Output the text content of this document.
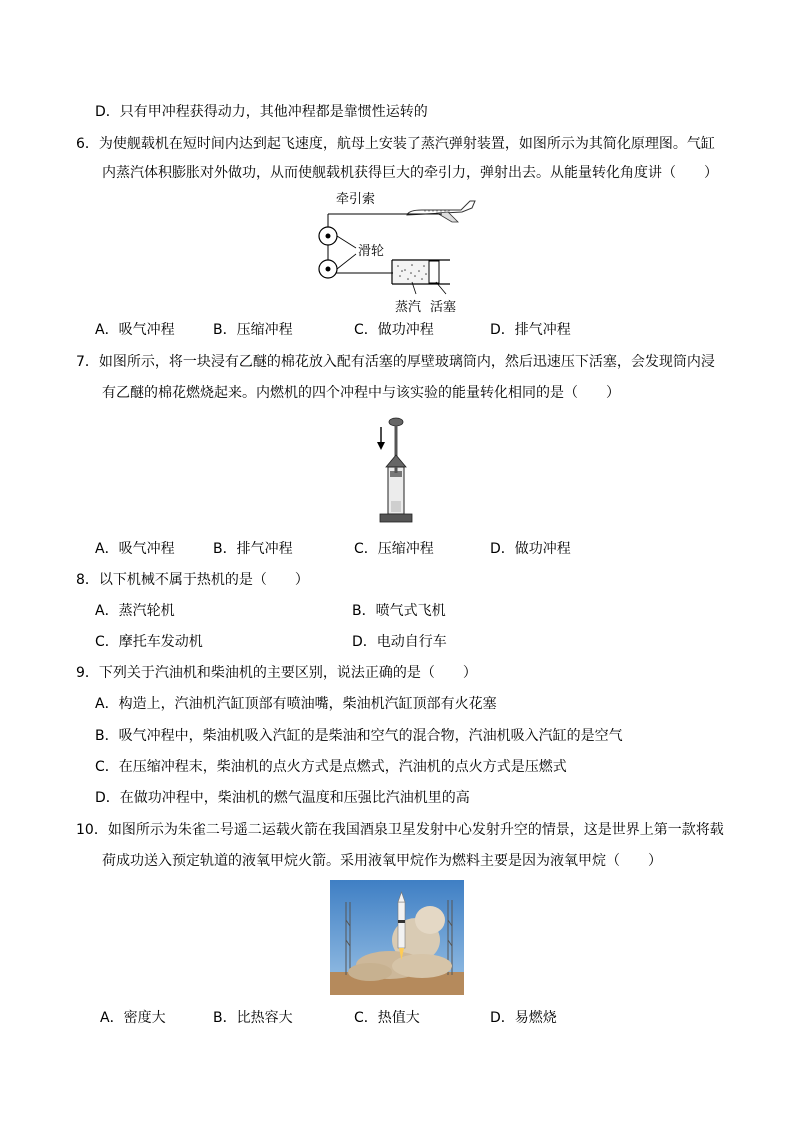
D．只有甲冲程获得动力，其他冲程都是靠惯性运转的
6．为使舰载机在短时间内达到起飞速度，航母上安装了蒸汽弹射装置，如图所示为其简化原理图。气缸
内蒸汽体积膨胀对外做功，从而使舰载机获得巨大的牵引力，弹射出去。从能量转化角度讲（　　）
牵引索
滑轮
蒸汽 活塞
A．吸气冲程	B．压缩冲程	C．做功冲程	D．排气冲程
7．如图所示，将一块浸有乙醚的棉花放入配有活塞的厚壁玻璃筒内，然后迅速压下活塞，会发现筒内浸
有乙醚的棉花燃烧起来。内燃机的四个冲程中与该实验的能量转化相同的是（　　）
A．吸气冲程	B．排气冲程	C．压缩冲程	D．做功冲程
8．以下机械不属于热机的是（　　）
A．蒸汽轮机	B．喷气式飞机
C．摩托车发动机	D．电动自行车
9．下列关于汽油机和柴油机的主要区别，说法正确的是（　　）
A．构造上，汽油机汽缸顶部有喷油嘴，柴油机汽缸顶部有火花塞
B．吸气冲程中，柴油机吸入汽缸的是柴油和空气的混合物，汽油机吸入汽缸的是空气
C．在压缩冲程末，柴油机的点火方式是点燃式，汽油机的点火方式是压燃式
D．在做功冲程中，柴油机的燃气温度和压强比汽油机里的高
10．如图所示为朱雀二号遥二运载火箭在我国酒泉卫星发射中心发射升空的情景，这是世界上第一款将载
荷成功送入预定轨道的液氧甲烷火箭。采用液氧甲烷作为燃料主要是因为液氧甲烷（　　）
A．密度大	B．比热容大	C．热值大	D．易燃烧
